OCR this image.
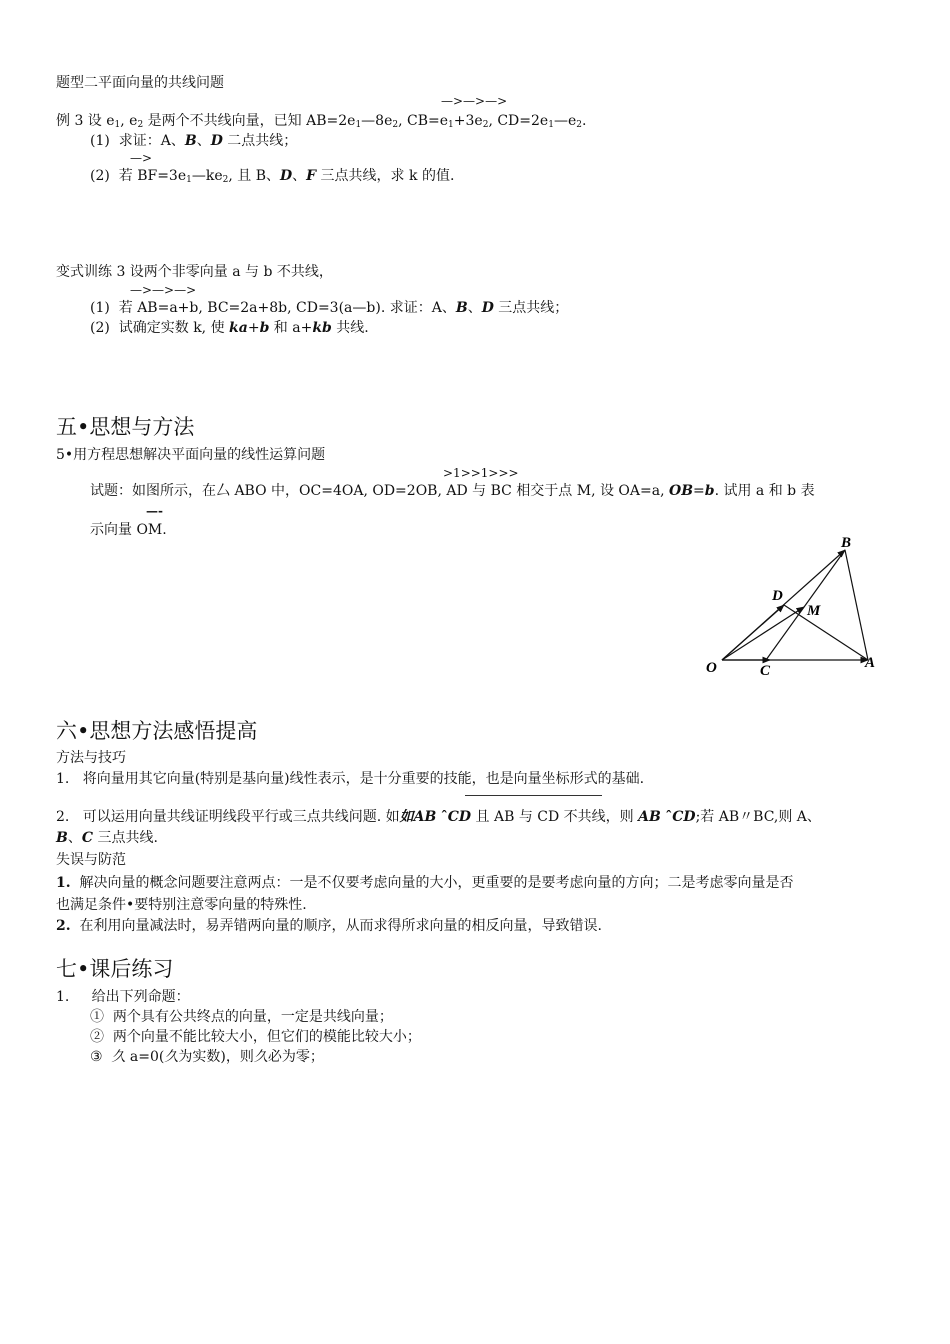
题型二平面向量的共线问题
—>—>—>
例 3 设 $e_1$, $e_2$ 是两个不共线向量，已知 $AB=2e_1—8e_2$, $CB=e_1+3e_2$, $CD=2e_1—e_2$.
(1) 求证：A、B、D 二点共线；
—>
(2) 若 $BF=3e_1—ke_2$, 且 B、D、F 三点共线，求 k 的值.
变式训练 3 设两个非零向量 a 与 b 不共线，
—>—>—>
(1) 若 AB=a+b, BC=2a+8b, CD=3(a—b). 求证：A、B、D 三点共线；
(2) 试确定实数 k, 使 ka+b 和 a+kb 共线.
五•思想与方法
5•用方程思想解决平面向量的线性运算问题
>1>>1>>>
试题：如图所示，在厶 ABO 中，OC=4OA, OD=2OB, AD 与 BC 相交于点 M, 设 OA=a, OB=b. 试用 a 和 b 表
—-
示向量 OM.
O	C	A
B
D
M
六•思想方法感悟提高
方法与技巧
1. 将向量用其它向量(特别是基向量)线性表示，是十分重要的技能，也是向量坐标形式的基础.
2. 可以运用向量共线证明线段平行或三点共线问题. 如如AB ˆCD 且 AB 与 CD 不共线，则 AB ˆCD;若 AB〃BC,则 A、
B、C 三点共线.
失误与防范
1. 解决向量的概念问题要注意两点：一是不仅要考虑向量的大小，更重要的是要考虑向量的方向；二是考虑零向量是否
也满足条件•要特别注意零向量的特殊性.
2. 在利用向量减法时，易弄错两向量的顺序，从而求得所求向量的相反向量，导致错误.
七•课后练习
1. 给出下列命题：
① 两个具有公共终点的向量，一定是共线向量；
② 两个向量不能比较大小，但它们的模能比较大小；
③ 久 a=0(久为实数)，则久必为零；
